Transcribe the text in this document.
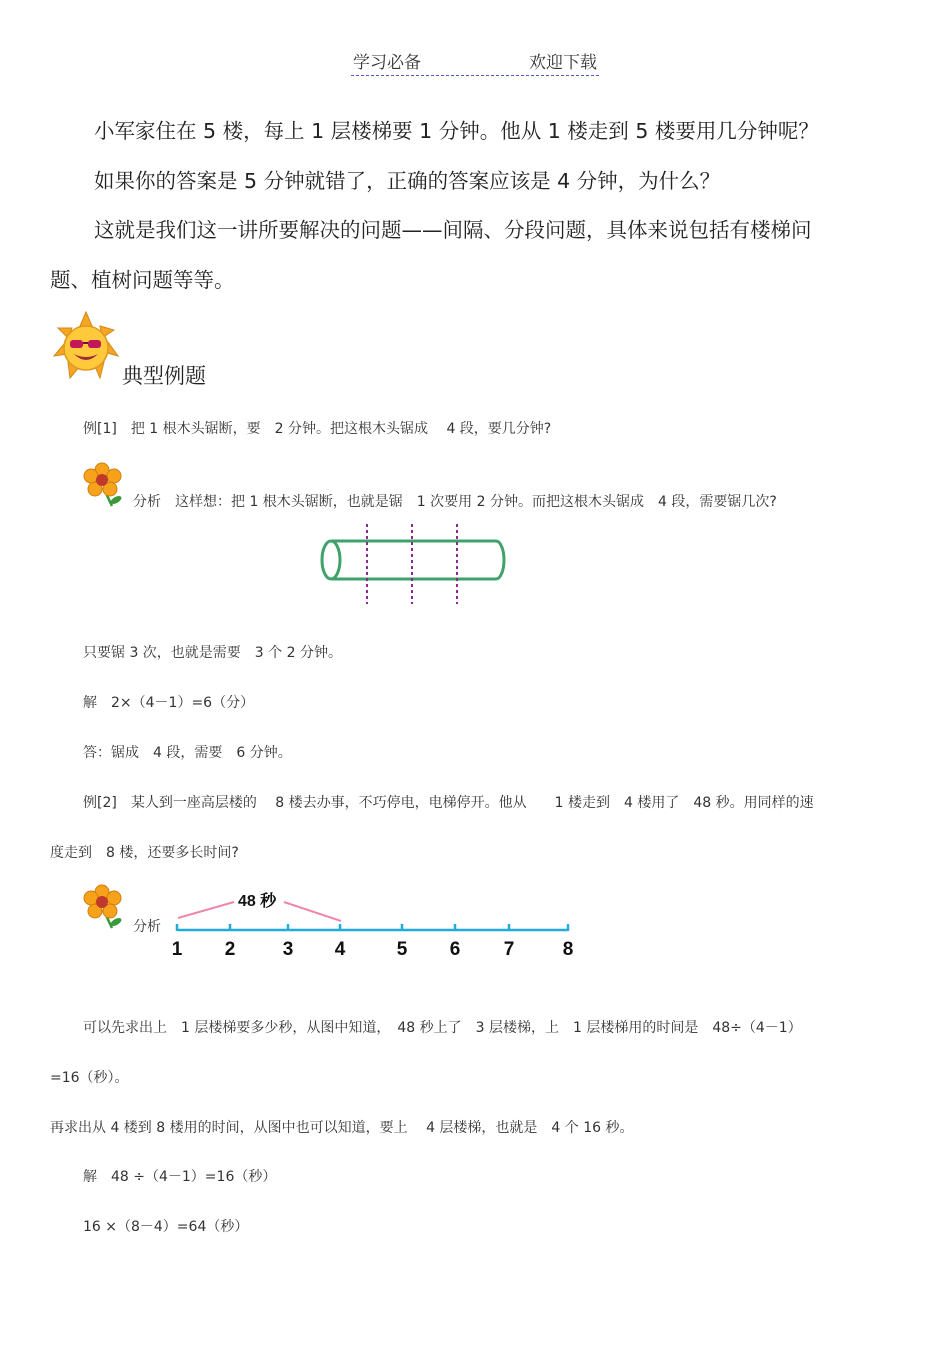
学习必备	欢迎下载
小军家住在 5 楼，每上 1 层楼梯要 1 分钟。他从 1 楼走到 5 楼要用几分钟呢？
如果你的答案是 5 分钟就错了，正确的答案应该是 4 分钟，为什么？
这就是我们这一讲所要解决的问题——间隔、分段问题，具体来说包括有楼梯问
题、植树问题等等。
典型例题
例[1]　把 1 根木头锯断，要　2 分钟。把这根木头锯成　 4 段，要几分钟?
分析　这样想：把 1 根木头锯断，也就是锯　1 次要用 2 分钟。而把这根木头锯成　4 段，需要锯几次?
只要锯 3 次，也就是需要　3 个 2 分钟。
解　2×（4－1）=6（分）
答：锯成　4 段，需要　6 分钟。
例[2]　某人到一座高层楼的　 8 楼去办事，不巧停电，电梯停开。他从　　1 楼走到　4 楼用了　48 秒。用同样的速
度走到　8 楼，还要多长时间?
分析
48 秒
1 2 3 4	5 6 7	8
可以先求出上　1 层楼梯要多少秒，从图中知道，　48 秒上了　3 层楼梯，上　1 层楼梯用的时间是　48÷（4－1）
=16（秒）。
再求出从 4 楼到 8 楼用的时间，从图中也可以知道，要上　 4 层楼梯，也就是　4 个 16 秒。
解　48 ÷（4－1）=16（秒）
16 ×（8－4）=64（秒）
